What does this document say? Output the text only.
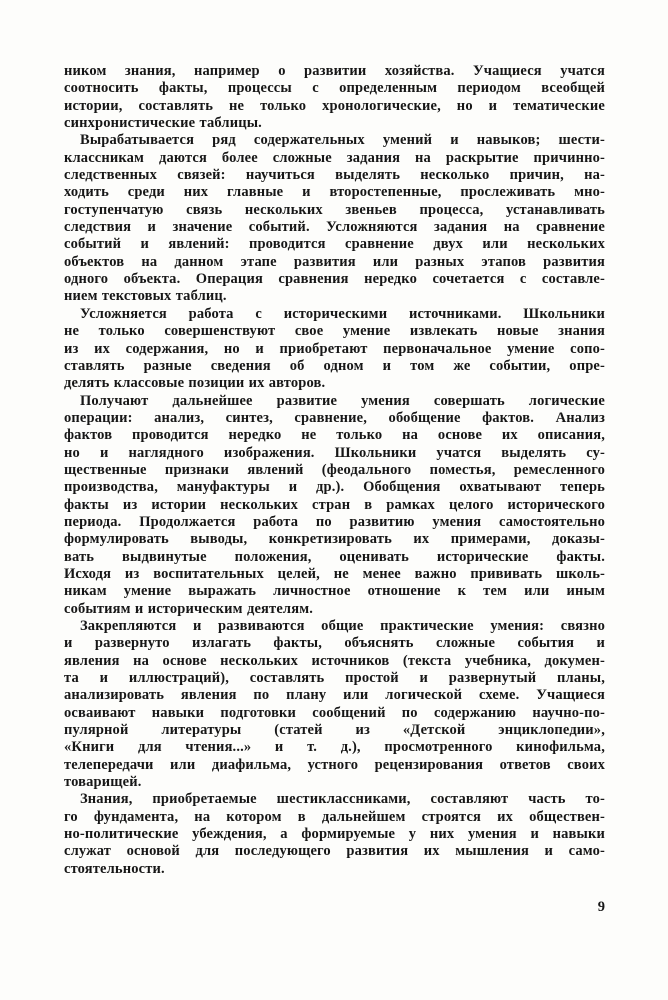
ником знания, например о развитии хозяйства. Учащиеся учатся
соотносить факты, процессы с определенным периодом всеобщей
истории, составлять не только хронологические, но и тематические
синхронистические таблицы.

Вырабатывается ряд содержательных умений и навыков; шести-
классникам даются более сложные задания на раскрытие причинно-
следственных связей: научиться выделять несколько причин, на-
ходить среди них главные и второстепенные, прослеживать мно-
гоступенчатую связь нескольких звеньев процесса, устанавливать
следствия и значение событий. Усложняются задания на сравнение
событий и явлений: проводится сравнение двух или нескольких
объектов на данном этапе развития или разных этапов развития
одного объекта. Операция сравнения нередко сочетается с составле-
нием текстовых таблиц.

Усложняется работа с историческими источниками. Школьники
не только совершенствуют свое умение извлекать новые знания
из их содержания, но и приобретают первоначальное умение сопо-
ставлять разные сведения об одном и том же событии, опре-
делять классовые позиции их авторов.

Получают дальнейшее развитие умения совершать логические
операции: анализ, синтез, сравнение, обобщение фактов. Анализ
фактов проводится нередко не только на основе их описания,
но и наглядного изображения. Школьники учатся выделять су-
щественные признаки явлений (феодального поместья, ремесленного
производства, мануфактуры и др.). Обобщения охватывают теперь
факты из истории нескольких стран в рамках целого исторического
периода. Продолжается работа по развитию умения самостоятельно
формулировать выводы, конкретизировать их примерами, доказы-
вать выдвинутые положения, оценивать исторические факты.
Исходя из воспитательных целей, не менее важно прививать школь-
никам умение выражать личностное отношение к тем или иным
событиям и историческим деятелям.

Закрепляются и развиваются общие практические умения: связно
и развернуто излагать факты, объяснять сложные события и
явления на основе нескольких источников (текста учебника, докумен-
та и иллюстраций), составлять простой и развернутый планы,
анализировать явления по плану или логической схеме. Учащиеся
осваивают навыки подготовки сообщений по содержанию научно-по-
пулярной литературы (статей из «Детской энциклопедии»,
«Книги для чтения...» и т. д.), просмотренного кинофильма,
телепередачи или диафильма, устного рецензирования ответов своих
товарищей.

Знания, приобретаемые шестиклассниками, составляют часть то-
го фундамента, на котором в дальнейшем строятся их обществен-
но-политические убеждения, а формируемые у них умения и навыки
служат основой для последующего развития их мышления и само-
стоятельности.

9
